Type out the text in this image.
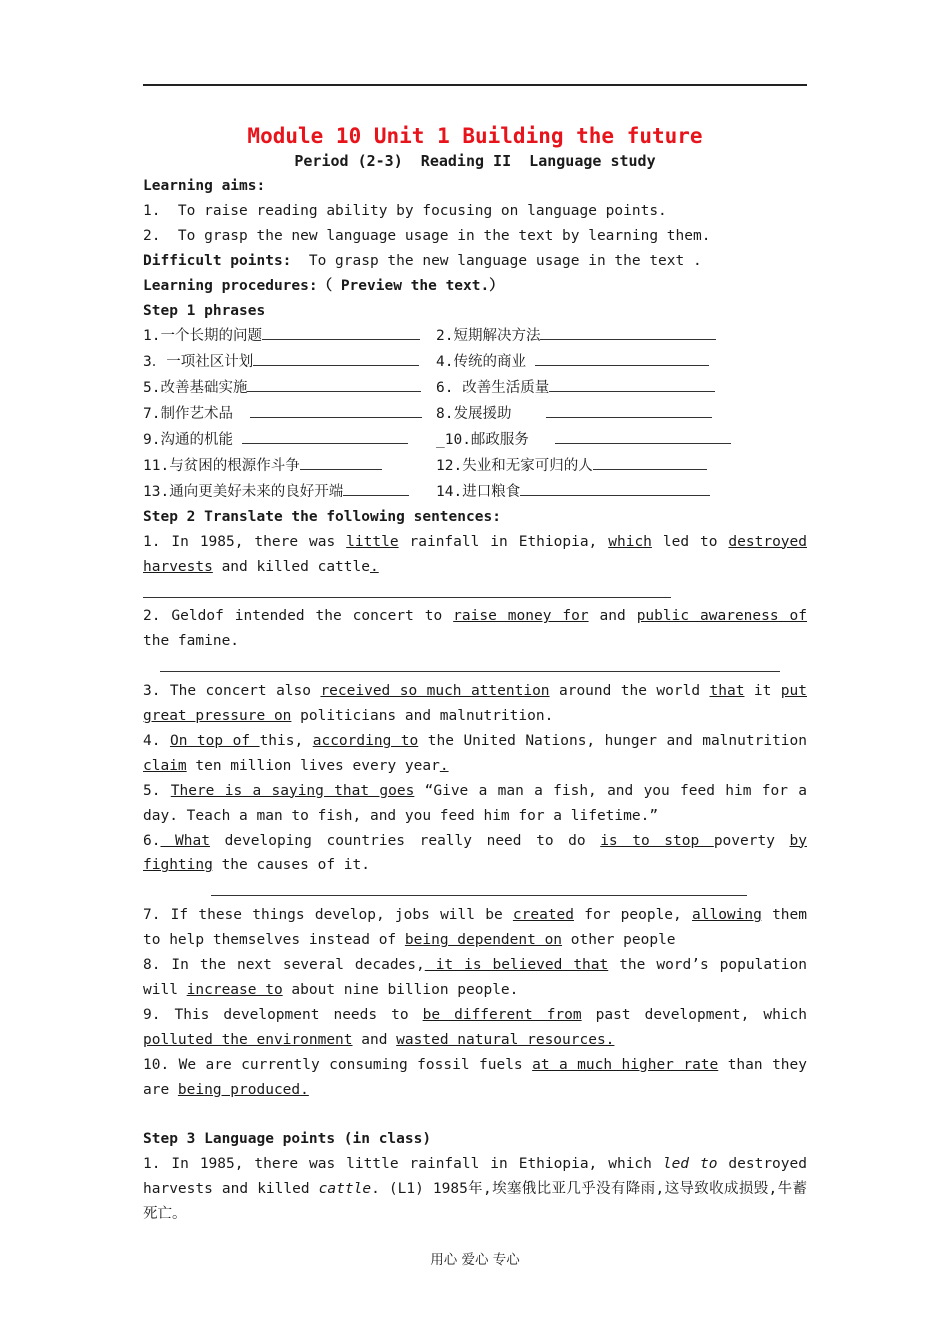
Module 10 Unit 1 Building the future
Period (2-3)  Reading II  Language study
Learning aims:
1.  To raise reading ability by focusing on language points.
2.  To grasp the new language usage in the text by learning them.
Difficult points:  To grasp the new language usage in the text .
Learning procedures:（ Preview the text.）
Step 1 phrases
1.一个长期的问题	2.短期解决方法
3．一项社区计划	4.传统的商业
5.改善基础实施	6. 改善生活质量
7.制作艺术品	8.发展援助
9.沟通的机能	_10.邮政服务
11.与贫困的根源作斗争	12.失业和无家可归的人
13.通向更美好未来的良好开端	14.进口粮食
Step 2 Translate the following sentences:
1. In 1985, there was little rainfall in Ethiopia, which led to destroyed harvests and killed cattle.
2. Geldof intended the concert to raise money for and public awareness of the famine.
3. The concert also received so much attention around the world that it put great pressure on politicians and malnutrition.
4. On top of this, according to the United Nations, hunger and malnutrition claim ten million lives every year.
5. There is a saying that goes “Give a man a fish, and you feed him for a day. Teach a man to fish, and you feed him for a lifetime.”
6. What developing countries really need to do is to stop poverty by fighting the causes of it.
7. If these things develop, jobs will be created for people, allowing them to help themselves instead of being dependent on other people
8. In the next several decades, it is believed that the word’s population will increase to about nine billion people.
9. This development needs to be different from past development, which polluted the environment and wasted natural resources.
10. We are currently consuming fossil fuels at a much higher rate than they are being produced.
Step 3 Language points (in class)
1. In 1985, there was little rainfall in Ethiopia, which led to destroyed harvests and killed cattle. (L1) 1985年,埃塞俄比亚几乎没有降雨,这导致收成损毁,牛蓄死亡。
用心 爱心 专心
